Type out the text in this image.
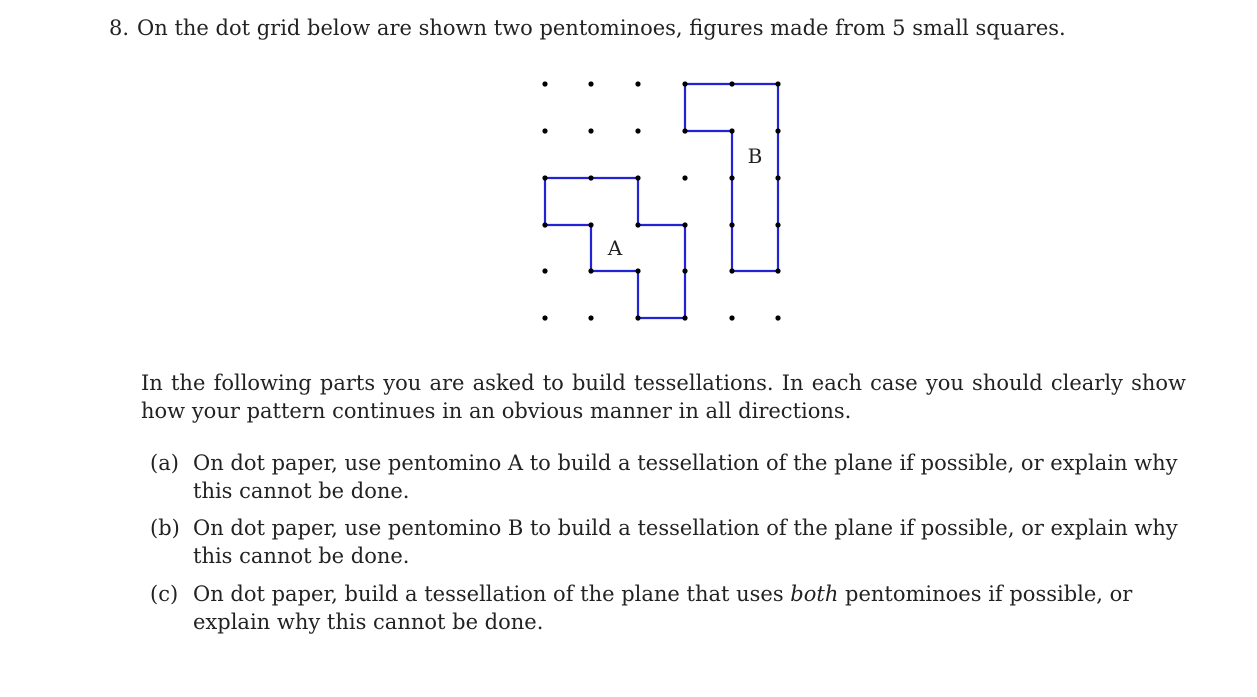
8. On the dot grid below are shown two pentominoes, figures made from 5 small squares.
A
B
In the following parts you are asked to build tessellations. In each case you should clearly show how your pattern continues in an obvious manner in all directions.
(a) On dot paper, use pentomino A to build a tessellation of the plane if possible, or explain why this cannot be done.
(b) On dot paper, use pentomino B to build a tessellation of the plane if possible, or explain why this cannot be done.
(c) On dot paper, build a tessellation of the plane that uses both pentominoes if possible, or explain why this cannot be done.
